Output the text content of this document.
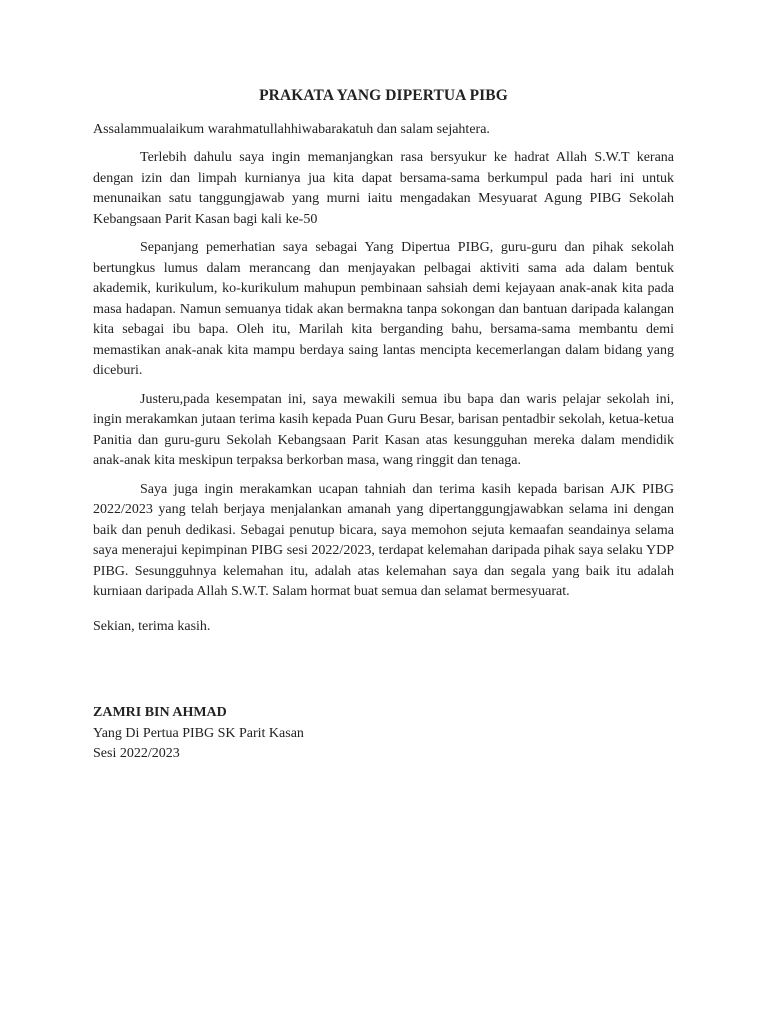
PRAKATA YANG DIPERTUA PIBG

Assalammualaikum warahmatullahhiwabarakatuh dan salam sejahtera.

Terlebih dahulu saya ingin memanjangkan rasa bersyukur ke hadrat Allah S.W.T kerana dengan izin dan limpah kurnianya jua kita dapat bersama-sama berkumpul pada hari ini untuk menunaikan satu tanggungjawab yang murni iaitu mengadakan Mesyuarat Agung PIBG Sekolah Kebangsaan Parit Kasan bagi kali ke-50

Sepanjang pemerhatian saya sebagai Yang Dipertua PIBG, guru-guru dan pihak sekolah bertungkus lumus dalam merancang dan menjayakan pelbagai aktiviti sama ada dalam bentuk akademik, kurikulum, ko-kurikulum mahupun pembinaan sahsiah demi kejayaan anak-anak kita pada masa hadapan. Namun semuanya tidak akan bermakna tanpa sokongan dan bantuan daripada kalangan kita sebagai ibu bapa. Oleh itu, Marilah kita berganding bahu, bersama-sama membantu demi memastikan anak-anak kita mampu berdaya saing lantas mencipta kecemerlangan dalam bidang yang diceburi.

Justeru,pada kesempatan ini, saya mewakili semua ibu bapa dan waris pelajar sekolah ini, ingin merakamkan jutaan terima kasih kepada Puan Guru Besar, barisan pentadbir sekolah, ketua-ketua Panitia dan guru-guru Sekolah Kebangsaan Parit Kasan atas kesungguhan mereka dalam mendidik anak-anak kita meskipun terpaksa berkorban masa, wang ringgit dan tenaga.

Saya juga ingin merakamkan ucapan tahniah dan terima kasih kepada barisan AJK PIBG 2022/2023 yang telah berjaya menjalankan amanah yang dipertanggungjawabkan selama ini dengan baik dan penuh dedikasi. Sebagai penutup bicara, saya memohon sejuta kemaafan seandainya selama saya menerajui kepimpinan PIBG sesi 2022/2023, terdapat kelemahan daripada pihak saya selaku YDP PIBG. Sesungguhnya kelemahan itu, adalah atas kelemahan saya dan segala yang baik itu adalah kurniaan daripada Allah S.W.T. Salam hormat buat semua dan selamat bermesyuarat.

Sekian, terima kasih.

ZAMRI BIN AHMAD

Yang Di Pertua PIBG SK Parit Kasan

Sesi 2022/2023
